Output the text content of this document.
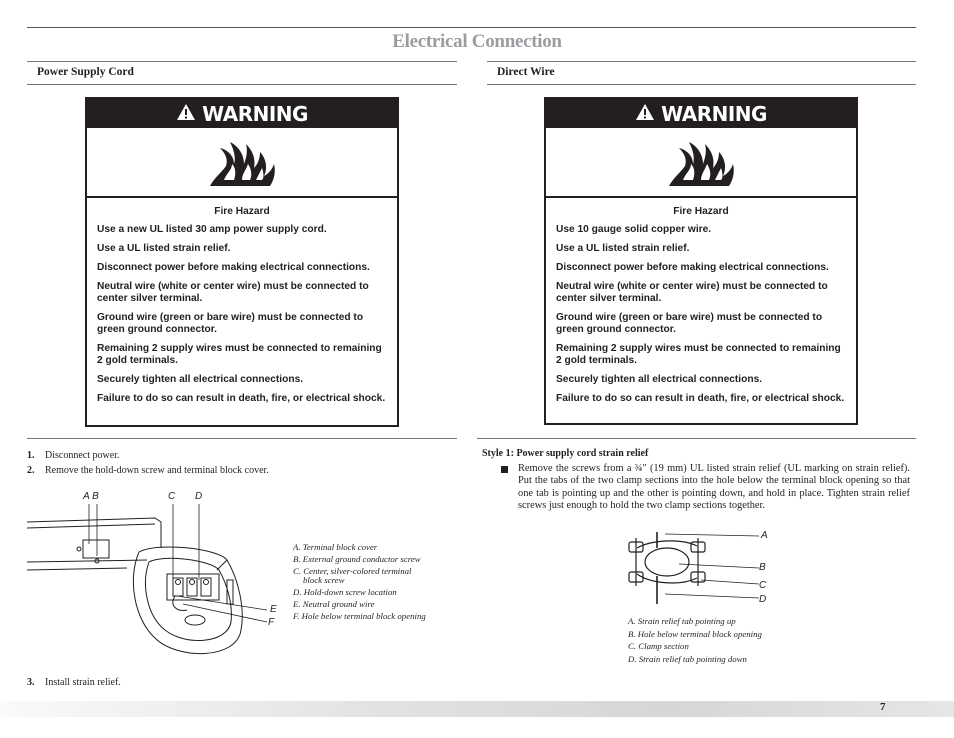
Electrical Connection
Power Supply Cord	Direct Wire
WARNING
Fire Hazard
Use a new UL listed 30 amp power supply cord.
Use a UL listed strain relief.
Disconnect power before making electrical connections.
Neutral wire (white or center wire) must be connected to center silver terminal.
Ground wire (green or bare wire) must be connected to green ground connector.
Remaining 2 supply wires must be connected to remaining 2 gold terminals.
Securely tighten all electrical connections.
Failure to do so can result in death, fire, or electrical shock.
WARNING
Fire Hazard
Use 10 gauge solid copper wire.
Use a UL listed strain relief.
Disconnect power before making electrical connections.
Neutral wire (white or center wire) must be connected to center silver terminal.
Ground wire (green or bare wire) must be connected to green ground connector.
Remaining 2 supply wires must be connected to remaining 2 gold terminals.
Securely tighten all electrical connections.
Failure to do so can result in death, fire, or electrical shock.
1. Disconnect power.
2. Remove the hold-down screw and terminal block cover.
3. Install strain relief.
A B	C D
E
F
A. Terminal block cover
B. External ground conductor screw
C. Center, silver-colored terminal
block screw
D. Hold-down screw location
E. Neutral ground wire
F. Hole below terminal block opening
Style 1: Power supply cord strain relief
Remove the screws from a ¾" (19 mm) UL listed strain relief (UL marking on strain relief). Put the tabs of the two clamp sections into the hole below the terminal block opening so that one tab is pointing up and the other is pointing down, and hold in place. Tighten strain relief screws just enough to hold the two clamp sections together.
A
B
C
D
A. Strain relief tab pointing up
B. Hole below terminal block opening
C. Clamp section
D. Strain relief tab pointing down
7
